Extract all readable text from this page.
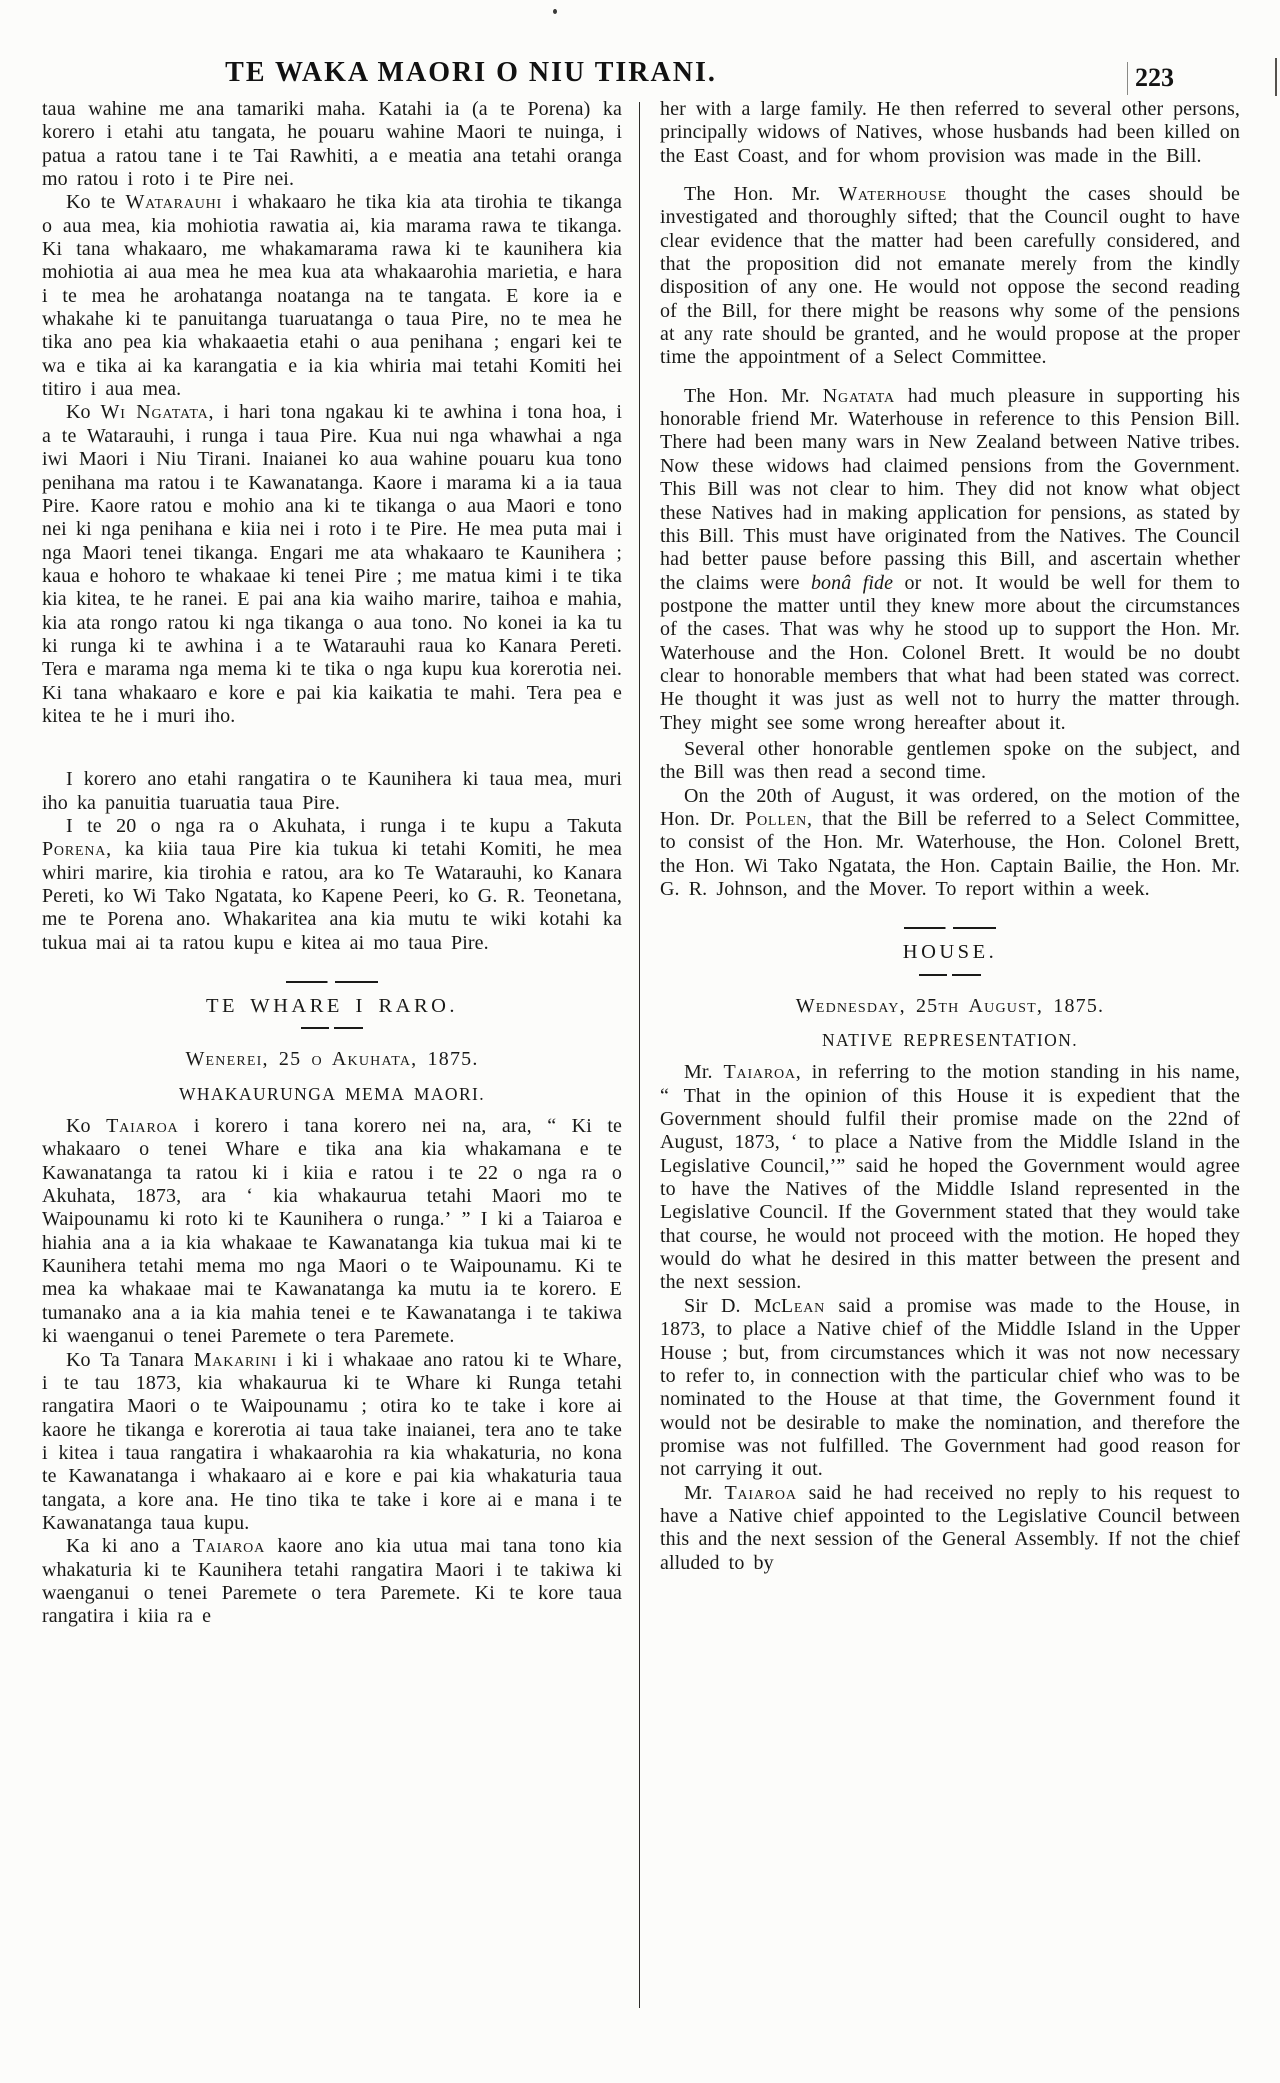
TE WAKA MAORI O NIU TIRANI.	223

taua wahine me ana tamariki maha. Katahi ia (a te Porena) ka korero i etahi atu tangata, he pouaru wahine Maori te nuinga, i patua a ratou tane i te Tai Rawhiti, a e meatia ana tetahi oranga mo ratou i roto i te Pire nei.

Ko te Watarauhi i whakaaro he tika kia ata tirohia te tikanga o aua mea, kia mohiotia rawatia ai, kia marama rawa te tikanga. Ki tana whakaaro, me whakamarama rawa ki te kaunihera kia mohiotia ai aua mea he mea kua ata whakaarohia marietia, e hara i te mea he arohatanga noatanga na te tangata. E kore ia e whakahe ki te panuitanga tuaruatanga o taua Pire, no te mea he tika ano pea kia whakaaetia etahi o aua penihana ; engari kei te wa e tika ai ka karangatia e ia kia whiria mai tetahi Komiti hei titiro i aua mea.

Ko Wi Ngatata, i hari tona ngakau ki te awhina i tona hoa, i a te Watarauhi, i runga i taua Pire. Kua nui nga whawhai a nga iwi Maori i Niu Tirani. Inaianei ko aua wahine pouaru kua tono penihana ma ratou i te Kawanatanga. Kaore i marama ki a ia taua Pire. Kaore ratou e mohio ana ki te tikanga o aua Maori e tono nei ki nga penihana e kiia nei i roto i te Pire. He mea puta mai i nga Maori tenei tikanga. Engari me ata whakaaro te Kaunihera ; kaua e hohoro te whakaae ki tenei Pire ; me matua kimi i te tika kia kitea, te he ranei. E pai ana kia waiho marire, taihoa e mahia, kia ata rongo ratou ki nga tikanga o aua tono. No konei ia ka tu ki runga ki te awhina i a te Watarauhi raua ko Kanara Pereti. Tera e marama nga mema ki te tika o nga kupu kua korerotia nei. Ki tana whakaaro e kore e pai kia kaikatia te mahi. Tera pea e kitea te he i muri iho.

I korero ano etahi rangatira o te Kaunihera ki taua mea, muri iho ka panuitia tuaruatia taua Pire.

I te 20 o nga ra o Akuhata, i runga i te kupu a Takuta Porena, ka kiia taua Pire kia tukua ki tetahi Komiti, he mea whiri marire, kia tirohia e ratou, ara ko Te Watarauhi, ko Kanara Pereti, ko Wi Tako Ngatata, ko Kapene Peeri, ko G. R. Teonetana, me te Porena ano. Whakaritea ana kia mutu te wiki kotahi ka tukua mai ai ta ratou kupu e kitea ai mo taua Pire.

TE WHARE I RARO.
Wenerei, 25 o Akuhata, 1875.
WHAKAURUNGA MEMA MAORI.

Ko Taiaroa i korero i tana korero nei na, ara, “ Ki te whakaaro o tenei Whare e tika ana kia whakamana e te Kawanatanga ta ratou ki i kiia e ratou i te 22 o nga ra o Akuhata, 1873, ara ‘ kia whakaurua tetahi Maori mo te Waipounamu ki roto ki te Kaunihera o runga.’ ” I ki a Taiaroa e hiahia ana a ia kia whakaae te Kawanatanga kia tukua mai ki te Kaunihera tetahi mema mo nga Maori o te Waipounamu. Ki te mea ka whakaae mai te Kawanatanga ka mutu ia te korero. E tumanako ana a ia kia mahia tenei e te Kawanatanga i te takiwa ki waenganui o tenei Paremete o tera Paremete.

Ko Ta Tanara Makarini i ki i whakaae ano ratou ki te Whare, i te tau 1873, kia whakaurua ki te Whare ki Runga tetahi rangatira Maori o te Waipounamu ; otira ko te take i kore ai kaore he tikanga e korerotia ai taua take inaianei, tera ano te take i kitea i taua rangatira i whakaarohia ra kia whakaturia, no kona te Kawanatanga i whakaaro ai e kore e pai kia whakaturia taua tangata, a kore ana. He tino tika te take i kore ai e mana i te Kawanatanga taua kupu.

Ka ki ano a Taiaroa kaore ano kia utua mai tana tono kia whakaturia ki te Kaunihera tetahi rangatira Maori i te takiwa ki waenganui o tenei Paremete o tera Paremete. Ki te kore taua rangatira i kiia ra e

her with a large family. He then referred to several other persons, principally widows of Natives, whose husbands had been killed on the East Coast, and for whom provision was made in the Bill.

The Hon. Mr. Waterhouse thought the cases should be investigated and thoroughly sifted; that the Council ought to have clear evidence that the matter had been carefully considered, and that the proposition did not emanate merely from the kindly disposition of any one. He would not oppose the second reading of the Bill, for there might be reasons why some of the pensions at any rate should be granted, and he would propose at the proper time the appointment of a Select Committee.

The Hon. Mr. Ngatata had much pleasure in supporting his honorable friend Mr. Waterhouse in reference to this Pension Bill. There had been many wars in New Zealand between Native tribes. Now these widows had claimed pensions from the Government. This Bill was not clear to him. They did not know what object these Natives had in making application for pensions, as stated by this Bill. This must have originated from the Natives. The Council had better pause before passing this Bill, and ascertain whether the claims were bonâ fide or not. It would be well for them to postpone the matter until they knew more about the circumstances of the cases. That was why he stood up to support the Hon. Mr. Waterhouse and the Hon. Colonel Brett. It would be no doubt clear to honorable members that what had been stated was correct. He thought it was just as well not to hurry the matter through. They might see some wrong hereafter about it.

Several other honorable gentlemen spoke on the subject, and the Bill was then read a second time.

On the 20th of August, it was ordered, on the motion of the Hon. Dr. Pollen, that the Bill be referred to a Select Committee, to consist of the Hon. Mr. Waterhouse, the Hon. Colonel Brett, the Hon. Wi Tako Ngatata, the Hon. Captain Bailie, the Hon. Mr. G. R. Johnson, and the Mover. To report within a week.

HOUSE.
Wednesday, 25th August, 1875.
NATIVE REPRESENTATION.

Mr. Taiaroa, in referring to the motion standing in his name, “ That in the opinion of this House it is expedient that the Government should fulfil their promise made on the 22nd of August, 1873, ‘ to place a Native from the Middle Island in the Legislative Council,’” said he hoped the Government would agree to have the Natives of the Middle Island represented in the Legislative Council. If the Government stated that they would take that course, he would not proceed with the motion. He hoped they would do what he desired in this matter between the present and the next session.

Sir D. McLean said a promise was made to the House, in 1873, to place a Native chief of the Middle Island in the Upper House ; but, from circumstances which it was not now necessary to refer to, in connection with the particular chief who was to be nominated to the House at that time, the Government found it would not be desirable to make the nomination, and therefore the promise was not fulfilled. The Government had good reason for not carrying it out.

Mr. Taiaroa said he had received no reply to his request to have a Native chief appointed to the Legislative Council between this and the next session of the General Assembly. If not the chief alluded to by
